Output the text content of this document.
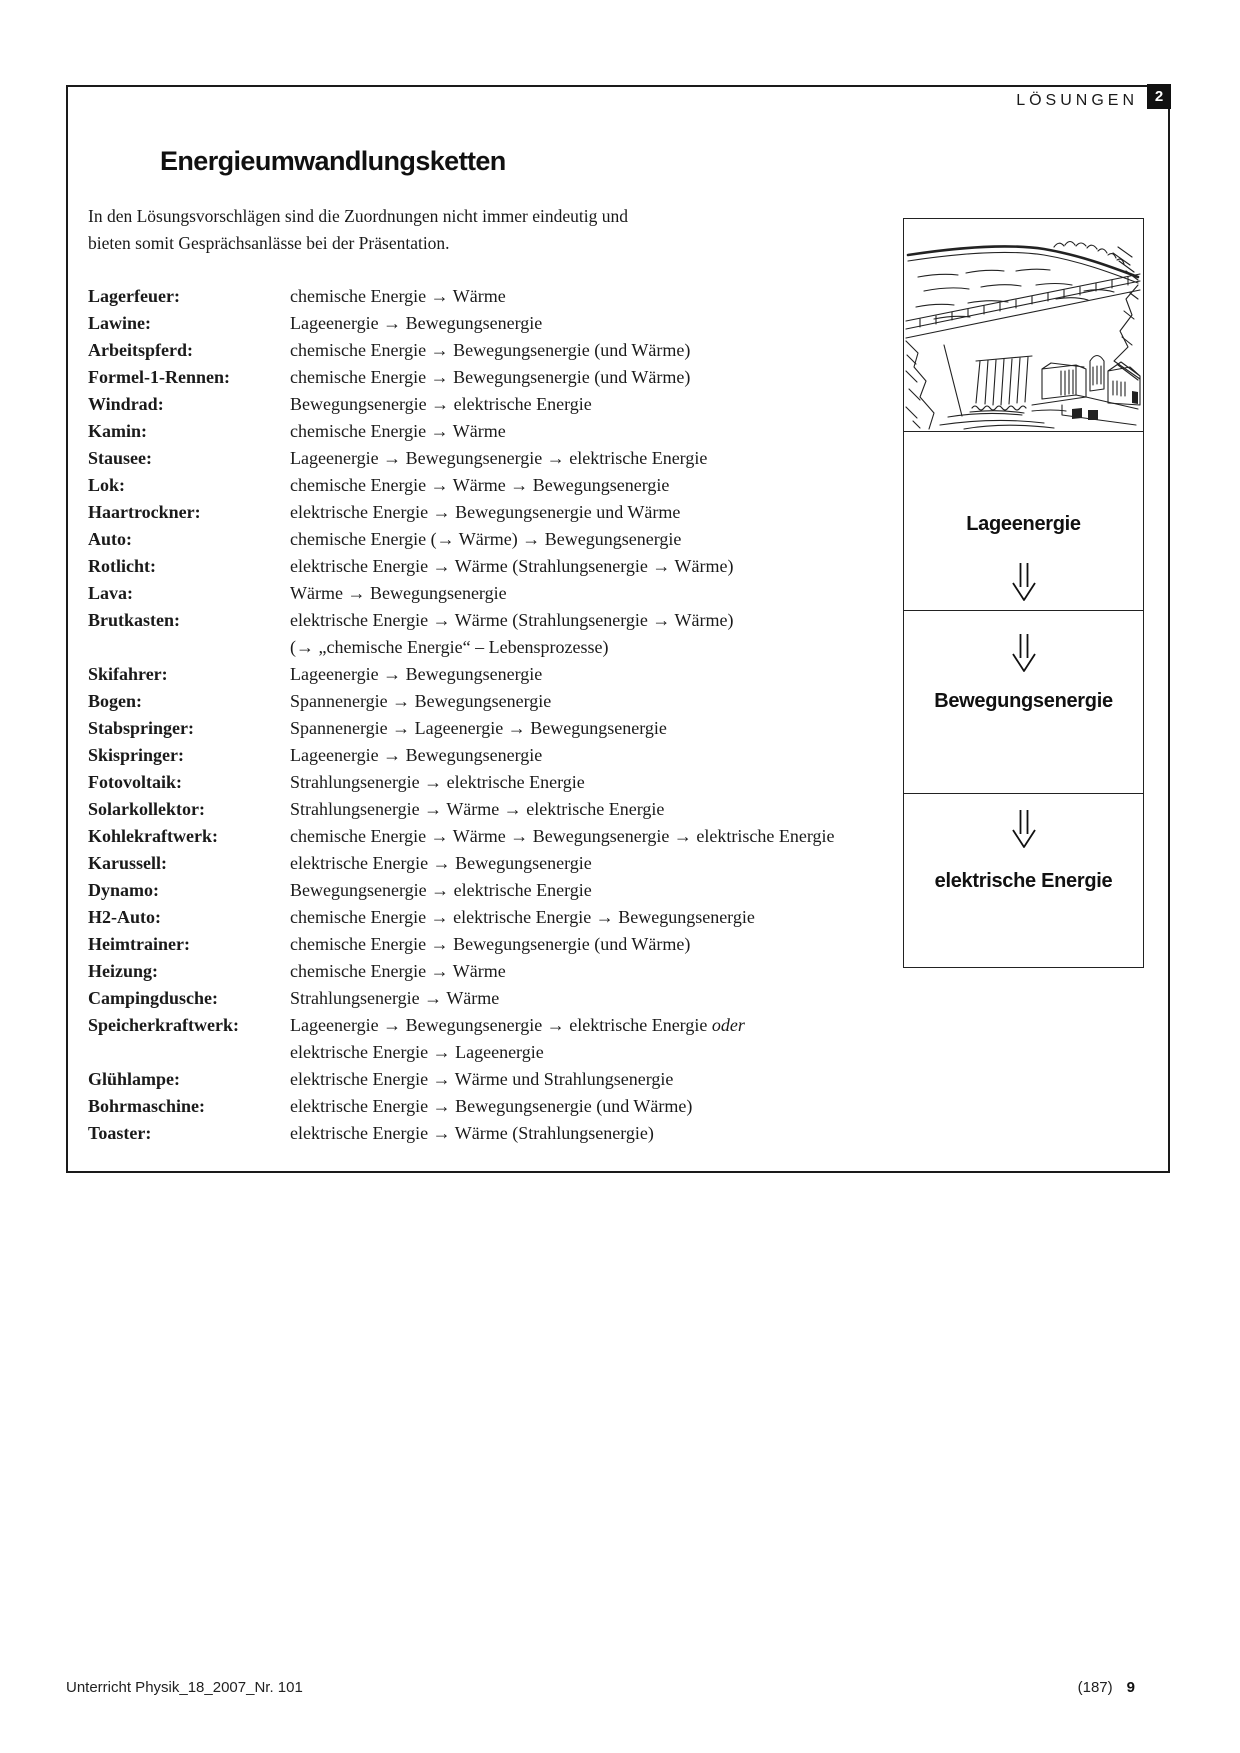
LÖSUNGEN	2
Energieumwandlungsketten

In den Lösungsvorschlägen sind die Zuordnungen nicht immer eindeutig und
bieten somit Gesprächsanlässe bei der Präsentation.

Lagerfeuer:	chemische Energie → Wärme
Lawine:	Lageenergie → Bewegungsenergie
Arbeitspferd:	chemische Energie → Bewegungsenergie (und Wärme)
Formel-1-Rennen:	chemische Energie → Bewegungsenergie (und Wärme)
Windrad:	Bewegungsenergie → elektrische Energie
Kamin:	chemische Energie → Wärme
Stausee:	Lageenergie → Bewegungsenergie → elektrische Energie
Lok:	chemische Energie → Wärme → Bewegungsenergie
Haartrockner:	elektrische Energie → Bewegungsenergie und Wärme
Auto:	chemische Energie (→ Wärme) → Bewegungsenergie
Rotlicht:	elektrische Energie → Wärme (Strahlungsenergie → Wärme)
Lava:	Wärme → Bewegungsenergie
Brutkasten:	elektrische Energie → Wärme (Strahlungsenergie → Wärme)
(→ „chemische Energie“ – Lebensprozesse)
Skifahrer:	Lageenergie → Bewegungsenergie
Bogen:	Spannenergie → Bewegungsenergie
Stabspringer:	Spannenergie → Lageenergie → Bewegungsenergie
Skispringer:	Lageenergie → Bewegungsenergie
Fotovoltaik:	Strahlungsenergie → elektrische Energie
Solarkollektor:	Strahlungsenergie → Wärme → elektrische Energie
Kohlekraftwerk:	chemische Energie → Wärme → Bewegungsenergie → elektrische Energie
Karussell:	elektrische Energie → Bewegungsenergie
Dynamo:	Bewegungsenergie → elektrische Energie
H2-Auto:	chemische Energie → elektrische Energie → Bewegungsenergie
Heimtrainer:	chemische Energie → Bewegungsenergie (und Wärme)
Heizung:	chemische Energie → Wärme
Campingdusche:	Strahlungsenergie → Wärme
Speicherkraftwerk:	Lageenergie → Bewegungsenergie → elektrische Energie oder
elektrische Energie → Lageenergie
Glühlampe:	elektrische Energie → Wärme und Strahlungsenergie
Bohrmaschine:	elektrische Energie → Bewegungsenergie (und Wärme)
Toaster:	elektrische Energie → Wärme (Strahlungsenergie)
Lageenergie
Bewegungsenergie
elektrische Energie
Unterricht Physik_18_2007_Nr. 101	(187) 9
